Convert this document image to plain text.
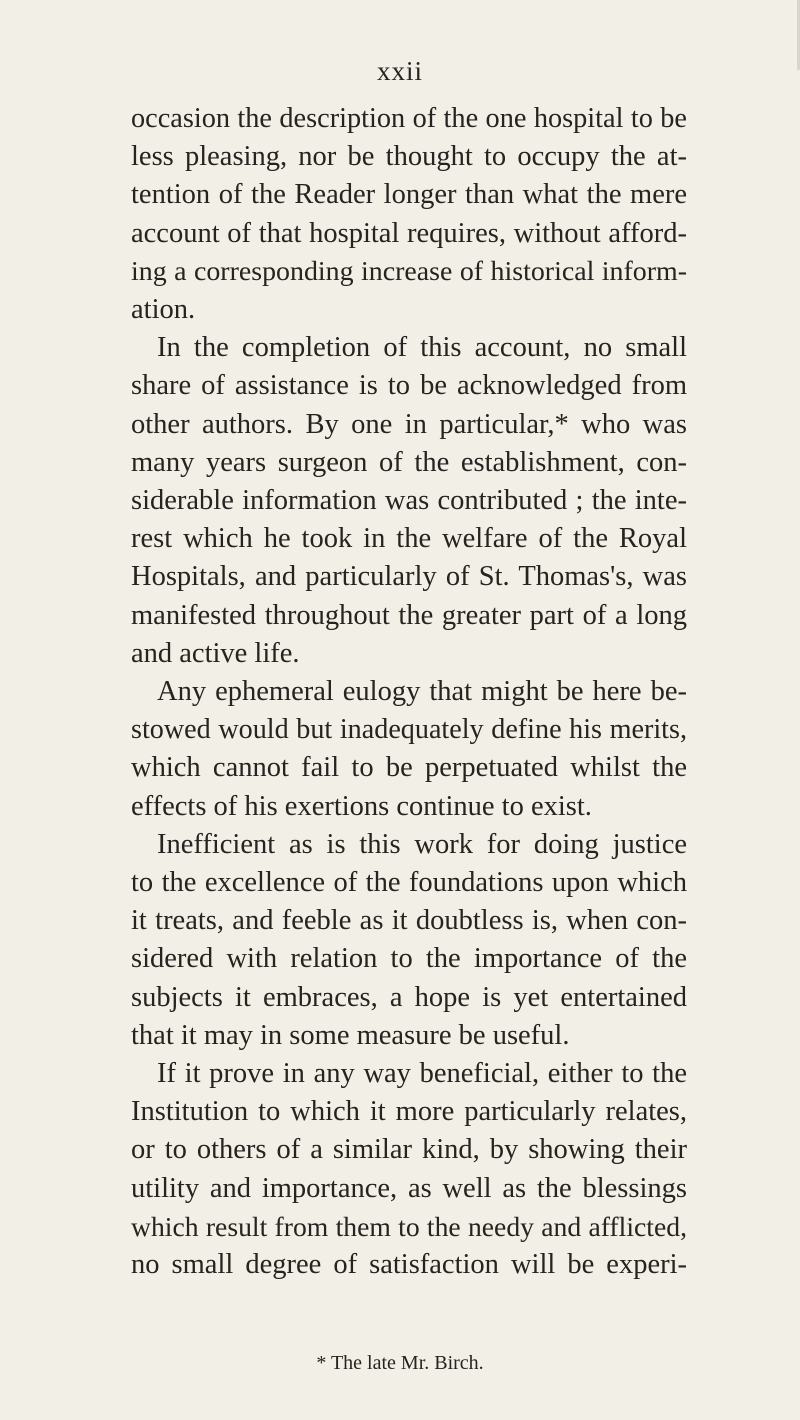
xxii
occasion the description of the one hospital to be
less pleasing, nor be thought to occupy the at-
tention of the Reader longer than what the mere
account of that hospital requires, without afford-
ing a corresponding increase of historical inform-
ation.
In the completion of this account, no small
share of assistance is to be acknowledged from
other authors. By one in particular,* who was
many years surgeon of the establishment, con-
siderable information was contributed ; the inte-
rest which he took in the welfare of the Royal
Hospitals, and particularly of St. Thomas's, was
manifested throughout the greater part of a long
and active life.
Any ephemeral eulogy that might be here be-
stowed would but inadequately define his merits,
which cannot fail to be perpetuated whilst the
effects of his exertions continue to exist.
Inefficient as is this work for doing justice
to the excellence of the foundations upon which
it treats, and feeble as it doubtless is, when con-
sidered with relation to the importance of the
subjects it embraces, a hope is yet entertained
that it may in some measure be useful.
If it prove in any way beneficial, either to the
Institution to which it more particularly relates,
or to others of a similar kind, by showing their
utility and importance, as well as the blessings
which result from them to the needy and afflicted,
no small degree of satisfaction will be experi-
* The late Mr. Birch.
